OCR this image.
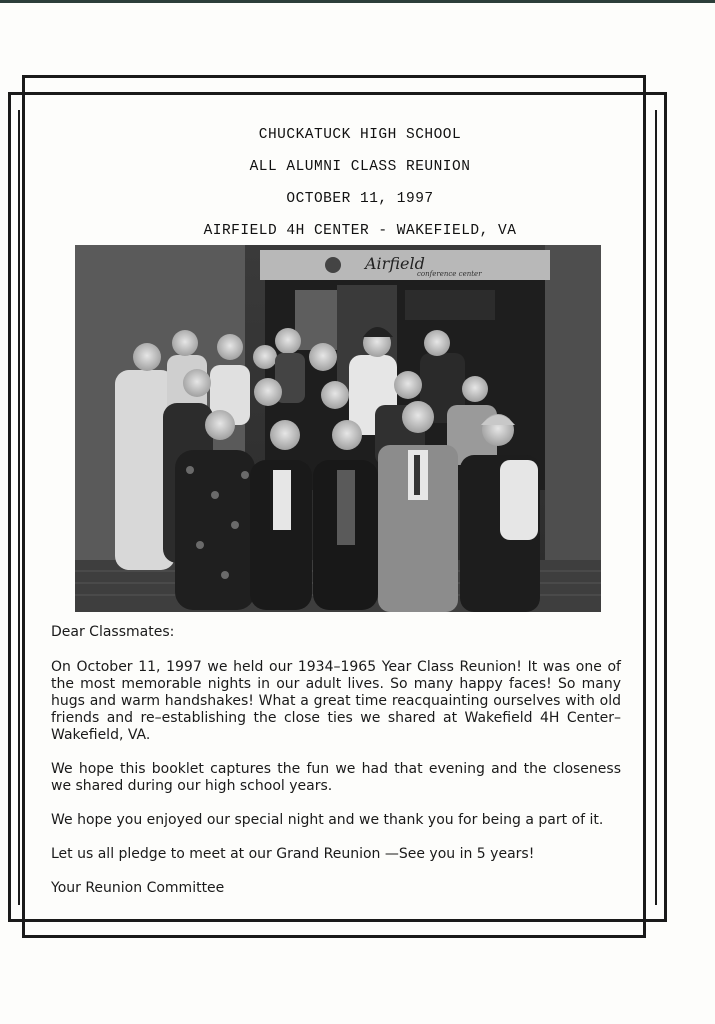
CHUCKATUCK HIGH SCHOOL
ALL ALUMNI CLASS REUNION
OCTOBER 11, 1997
AIRFIELD 4H CENTER - WAKEFIELD, VA
Airfield
conference center

Dear Classmates:

On October 11, 1997 we held our 1934–1965 Year Class Reunion! It was one of the most memorable nights in our adult lives. So many happy faces! So many hugs and warm handshakes! What a great time reacquainting ourselves with old friends and re–establishing the close ties we shared at Wakefield 4H Center–Wakefield, VA.

We hope this booklet captures the fun we had that evening and the closeness we shared during our high school years.

We hope you enjoyed our special night and we thank you for being a part of it.

Let us all pledge to meet at our Grand Reunion —See you in 5 years!

Your Reunion Committee
